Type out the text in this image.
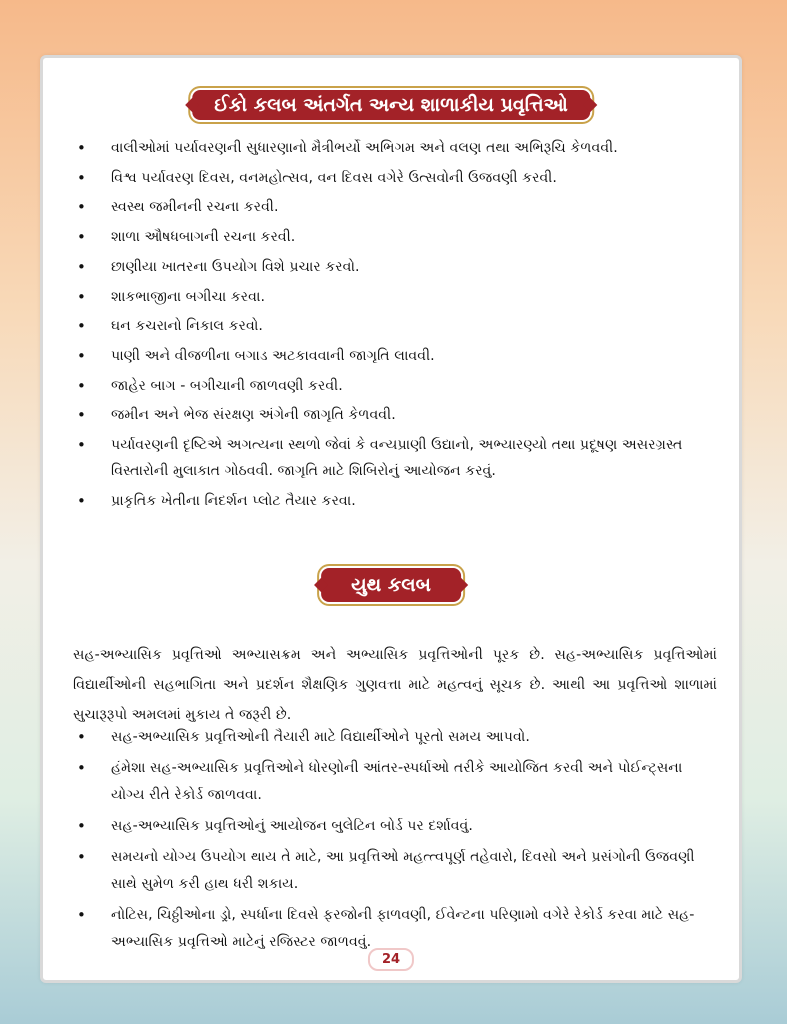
ઈકો કલબ અંતર્ગત અન્ય શાળાકીય પ્રવૃત્તિઓ
• વાલીઓમાં પર્યાવરણની સુધારણાનો મૈત્રીભર્યો અભિગમ અને વલણ તથા અભિરૂચિ કેળવવી.
• વિશ્વ પર્યાવરણ દિવસ, વનમહોત્સવ, વન દિવસ વગેરે ઉત્સવોની ઉજવણી કરવી.
• સ્વસ્થ જમીનની રચના કરવી.
• શાળા ઔષધબાગની રચના કરવી.
• છાણીયા ખાતરના ઉપયોગ વિશે પ્રચાર કરવો.
• શાકભાજીના બગીચા કરવા.
• ઘન કચરાનો નિકાલ કરવો.
• પાણી અને વીજળીના બગાડ અટકાવવાની જાગૃતિ લાવવી.
• જાહેર બાગ - બગીચાની જાળવણી કરવી.
• જમીન અને ભેજ સંરક્ષણ અંગેની જાગૃતિ કેળવવી.
• પર્યાવરણની દૃષ્ટિએ અગત્યના સ્થળો જેવાં કે વન્યપ્રાણી ઉદ્યાનો, અભ્યારણ્યો તથા પ્રદૂષણ અસરગ્રસ્ત વિસ્તારોની મુલાકાત ગોઠવવી. જાગૃતિ માટે શિબિરોનું આયોજન કરવું.
• પ્રાકૃતિક ખેતીના નિદર્શન પ્લોટ તૈયાર કરવા.
યુથ કલબ

સહ-અભ્યાસિક પ્રવૃત્તિઓ અભ્યાસક્રમ અને અભ્યાસિક પ્રવૃત્તિઓની પૂરક છે. સહ-અભ્યાસિક પ્રવૃત્તિઓમાં વિદ્યાર્થીઓની સહભાગિતા અને પ્રદર્શન શૈક્ષણિક ગુણવત્તા માટે મહત્વનું સૂચક છે. આથી આ પ્રવૃત્તિઓ શાળામાં સુચારૂરૂપો અમલમાં મુકાય તે જરૂરી છે.

• સહ-અભ્યાસિક પ્રવૃત્તિઓની તૈયારી માટે વિદ્યાર્થીઓને પૂરતો સમય આપવો.
• હંમેશા સહ-અભ્યાસિક પ્રવૃત્તિઓને ધોરણોની આંતર-સ્પર્ધાઓ તરીકે આયોજિત કરવી અને પોઈન્ટ્સના યોગ્ય રીતે રેકોર્ડ જાળવવા.
• સહ-અભ્યાસિક પ્રવૃત્તિઓનું આયોજન બુલેટિન બોર્ડ પર દર્શાવવું.
• સમયનો યોગ્ય ઉપયોગ થાય તે માટે, આ પ્રવૃત્તિઓ મહત્ત્વપૂર્ણ તહેવારો, દિવસો અને પ્રસંગોની ઉજવણી સાથે સુમેળ કરી હાથ ધરી શકાય.
• નોટિસ, ચિઠ્ઠીઓના ડ્રો, સ્પર્ધાના દિવસે ફરજોની ફાળવણી, ઈવેન્ટના પરિણામો વગેરે રેકોર્ડ કરવા માટે સહ-અભ્યાસિક પ્રવૃત્તિઓ માટેનું રજિસ્ટર જાળવવું.
24
